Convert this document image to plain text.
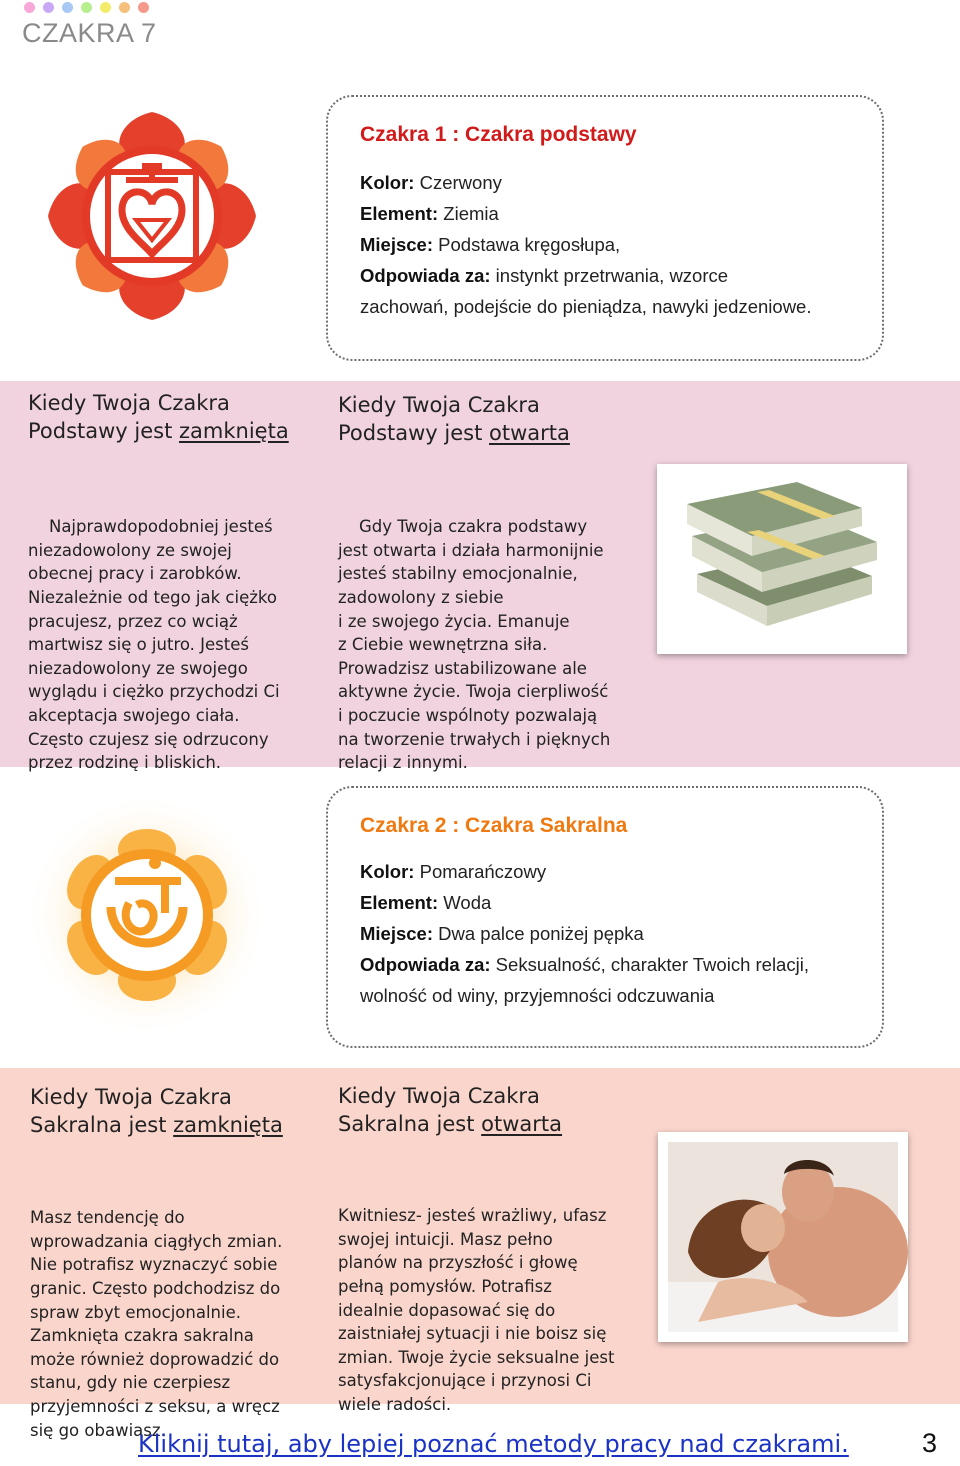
CZAKRA 7
Czakra 1 : Czakra podstawy
Kolor: Czerwony
Element: Ziemia
Miejsce: Podstawa kręgosłupa,
Odpowiada za: instynkt przetrwania, wzorce
zachowań, podejście do pieniądza, nawyki jedzeniowe.
Kiedy Twoja Czakra
Podstawy jest zamknięta

Najprawdopodobniej jesteś
niezadowolony ze swojej
obecnej pracy i zarobków.
Niezależnie od tego jak ciężko
pracujesz, przez co wciąż
martwisz się o jutro. Jesteś
niezadowolony ze swojego
wyglądu i ciężko przychodzi Ci
akceptacja swojego ciała.
Często czujesz się odrzucony
przez rodzinę i bliskich.

Kiedy Twoja Czakra
Podstawy jest otwarta

Gdy Twoja czakra podstawy
jest otwarta i działa harmonijnie
jesteś stabilny emocjonalnie,
zadowolony z siebie
i ze swojego życia. Emanuje
z Ciebie wewnętrzna siła.
Prowadzisz ustabilizowane ale
aktywne życie. Twoja cierpliwość
i poczucie wspólnoty pozwalają
na tworzenie trwałych i pięknych
relacji z innymi.

Czakra 2 : Czakra Sakralna
Kolor: Pomarańczowy
Element: Woda
Miejsce: Dwa palce poniżej pępka
Odpowiada za: Seksualność, charakter Twoich relacji,
wolność od winy, przyjemności odczuwania
Kiedy Twoja Czakra
Sakralna jest zamknięta

Masz tendencję do
wprowadzania ciągłych zmian.
Nie potrafisz wyznaczyć sobie
granic. Często podchodzisz do
spraw zbyt emocjonalnie.
Zamknięta czakra sakralna
może również doprowadzić do
stanu, gdy nie czerpiesz
przyjemności z seksu, a wręcz
się go obawiasz.

Kiedy Twoja Czakra
Sakralna jest otwarta

Kwitniesz- jesteś wrażliwy, ufasz
swojej intuicji. Masz pełno
planów na przyszłość i głowę
pełną pomysłów. Potrafisz
idealnie dopasować się do
zaistniałej sytuacji i nie boisz się
zmian. Twoje życie seksualne jest
satysfakcjonujące i przynosi Ci
wiele radości.

Kliknij tutaj, aby lepiej poznać metody pracy nad czakrami.	3
